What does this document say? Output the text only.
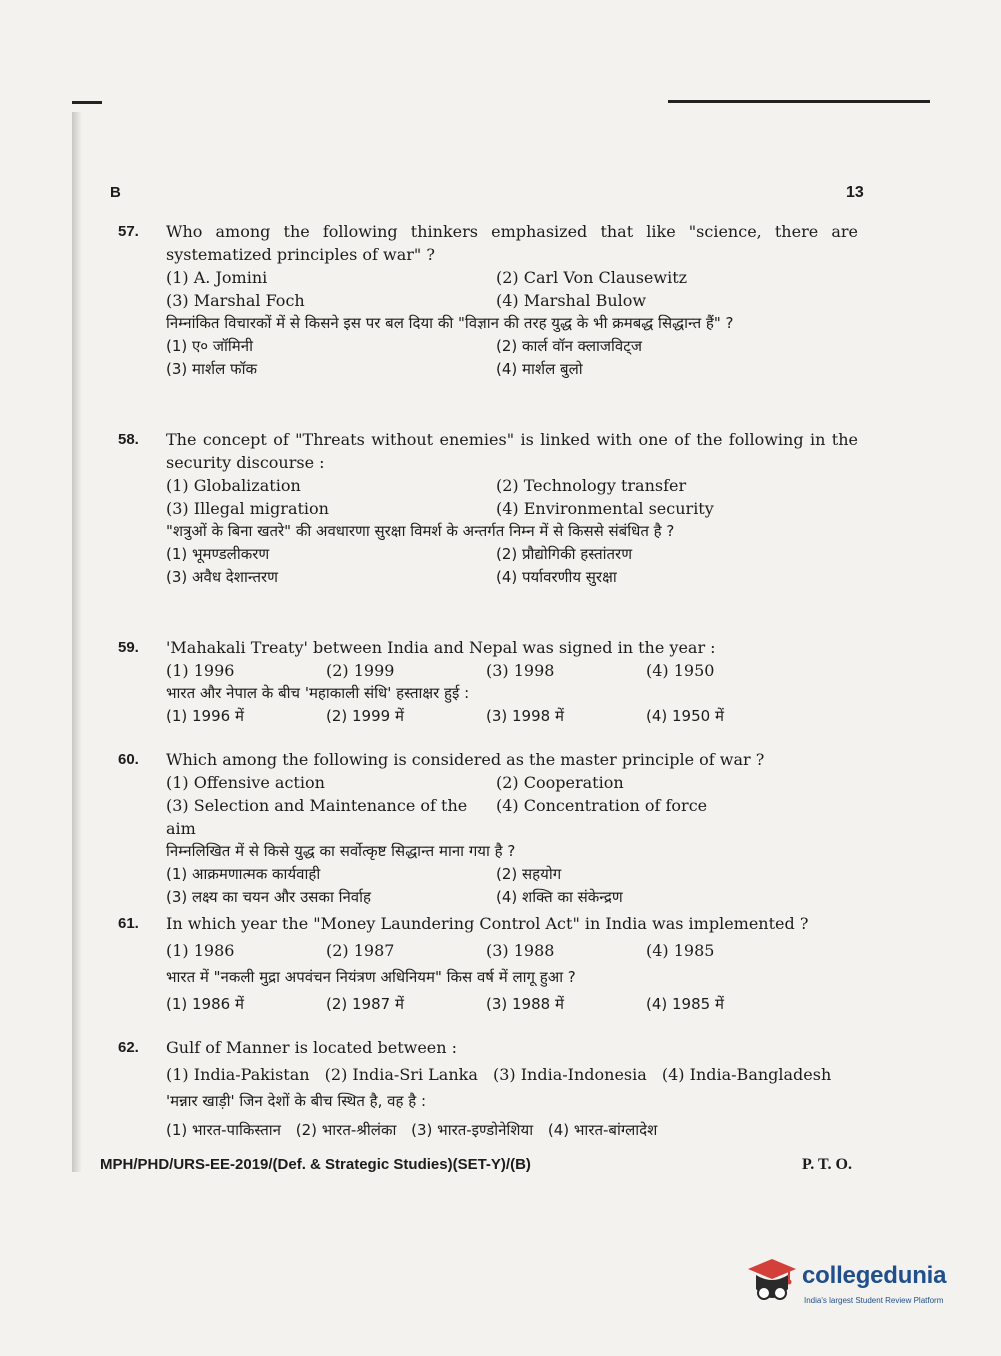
B	13
57. Who among the following thinkers emphasized that like "science, there are systematized principles of war" ?
(1) A. Jomini	(2) Carl Von Clausewitz
(3) Marshal Foch	(4) Marshal Bulow
निम्नांकित विचारकों में से किसने इस पर बल दिया की "विज्ञान की तरह युद्ध के भी क्रमबद्ध सिद्धान्त हैं" ?
(1) ए० जॉमिनी	(2) कार्ल वॉन क्लाजविट्ज
(3) मार्शल फॉक	(4) मार्शल बुलो
58. The concept of "Threats without enemies" is linked with one of the following in the security discourse :
(1) Globalization	(2) Technology transfer
(3) Illegal migration	(4) Environmental security
"शत्रुओं के बिना खतरे" की अवधारणा सुरक्षा विमर्श के अन्तर्गत निम्न में से किससे संबंधित है ?
(1) भूमण्डलीकरण	(2) प्रौद्योगिकी हस्तांतरण
(3) अवैध देशान्तरण	(4) पर्यावरणीय सुरक्षा
59. 'Mahakali Treaty' between India and Nepal was signed in the year :
(1) 1996	(2) 1999	(3) 1998	(4) 1950
भारत और नेपाल के बीच 'महाकाली संधि' हस्ताक्षर हुई :
(1) 1996 में	(2) 1999 में	(3) 1998 में	(4) 1950 में
60. Which among the following is considered as the master principle of war ?
(1) Offensive action	(2) Cooperation
(3) Selection and Maintenance of the aim
(4) Concentration of force
निम्नलिखित में से किसे युद्ध का सर्वोत्कृष्ट सिद्धान्त माना गया है ?
(1) आक्रमणात्मक कार्यवाही	(2) सहयोग
(3) लक्ष्य का चयन और उसका निर्वाह	(4) शक्ति का संकेन्द्रण
61. In which year the "Money Laundering Control Act" in India was implemented ?
(1) 1986	(2) 1987	(3) 1988	(4) 1985
भारत में "नकली मुद्रा अपवंचन नियंत्रण अधिनियम" किस वर्ष में लागू हुआ ?
(1) 1986 में	(2) 1987 में	(3) 1988 में	(4) 1985 में
62. Gulf of Manner is located between :
(1) India-Pakistan (2) India-Sri Lanka (3) India-Indonesia (4) India-Bangladesh
'मन्नार खाड़ी' जिन देशों के बीच स्थित है, वह है :
(1) भारत-पाकिस्तान (2) भारत-श्रीलंका (3) भारत-इण्डोनेशिया (4) भारत-बांग्लादेश
MPH/PHD/URS-EE-2019/(Def. & Strategic Studies)(SET-Y)/(B)	P. T. O.
collegedunia
India's largest Student Review Platform
